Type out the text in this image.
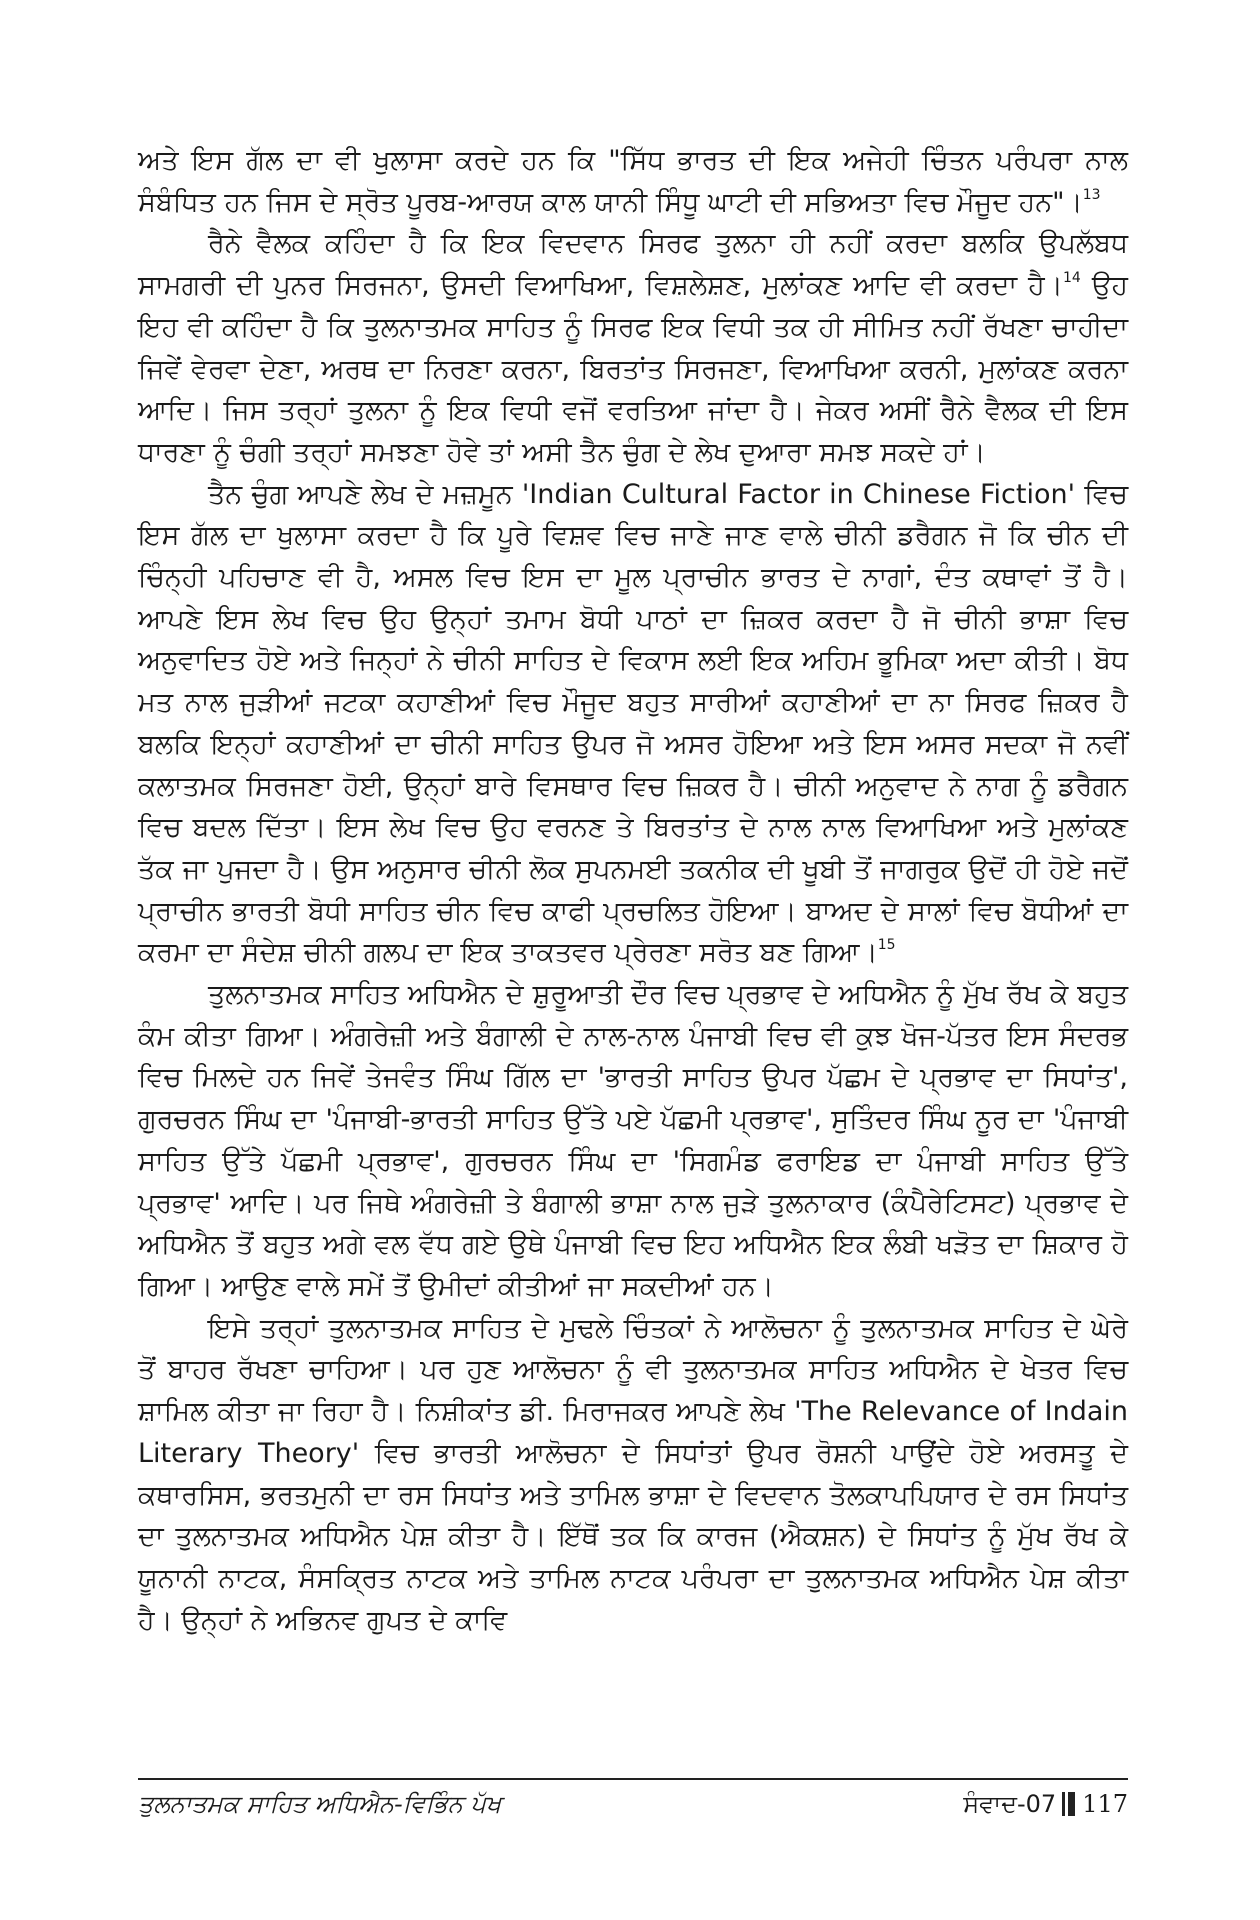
ਅਤੇ ਇਸ ਗੱਲ ਦਾ ਵੀ ਖੁਲਾਸਾ ਕਰਦੇ ਹਨ ਕਿ "ਸਿੱਧ ਭਾਰਤ ਦੀ ਇਕ ਅਜੇਹੀ ਚਿੰਤਨ ਪਰੰਪਰਾ ਨਾਲ ਸੰਬੰਧਿਤ ਹਨ ਜਿਸ ਦੇ ਸ੍ਰੋਤ ਪੂਰਬ-ਆਰਯ ਕਾਲ ਯਾਨੀ ਸਿੰਧੂ ਘਾਟੀ ਦੀ ਸਭਿਅਤਾ ਵਿਚ ਮੌਜੂਦ ਹਨ"।$^{13}$

ਰੈਨੇ ਵੈਲਕ ਕਹਿੰਦਾ ਹੈ ਕਿ ਇਕ ਵਿਦਵਾਨ ਸਿਰਫ ਤੁਲਨਾ ਹੀ ਨਹੀਂ ਕਰਦਾ ਬਲਕਿ ਉਪਲੱਬਧ ਸਾਮਗਰੀ ਦੀ ਪੁਨਰ ਸਿਰਜਨਾ, ਉਸਦੀ ਵਿਆਖਿਆ, ਵਿਸ਼ਲੇਸ਼ਣ, ਮੁਲਾਂਕਣ ਆਦਿ ਵੀ ਕਰਦਾ ਹੈ।$^{14}$ ਉਹ ਇਹ ਵੀ ਕਹਿੰਦਾ ਹੈ ਕਿ ਤੁਲਨਾਤਮਕ ਸਾਹਿਤ ਨੂੰ ਸਿਰਫ ਇਕ ਵਿਧੀ ਤਕ ਹੀ ਸੀਮਿਤ ਨਹੀਂ ਰੱਖਣਾ ਚਾਹੀਦਾ ਜਿਵੇਂ ਵੇਰਵਾ ਦੇਣਾ, ਅਰਥ ਦਾ ਨਿਰਣਾ ਕਰਨਾ, ਬਿਰਤਾਂਤ ਸਿਰਜਣਾ, ਵਿਆਖਿਆ ਕਰਨੀ, ਮੁਲਾਂਕਣ ਕਰਨਾ ਆਦਿ। ਜਿਸ ਤਰ੍ਹਾਂ ਤੁਲਨਾ ਨੂੰ ਇਕ ਵਿਧੀ ਵਜੋਂ ਵਰਤਿਆ ਜਾਂਦਾ ਹੈ। ਜੇਕਰ ਅਸੀਂ ਰੈਨੇ ਵੈਲਕ ਦੀ ਇਸ ਧਾਰਣਾ ਨੂੰ ਚੰਗੀ ਤਰ੍ਹਾਂ ਸਮਝਣਾ ਹੋਵੇ ਤਾਂ ਅਸੀ ਤੈਨ ਚੁੰਗ ਦੇ ਲੇਖ ਦੁਆਰਾ ਸਮਝ ਸਕਦੇ ਹਾਂ।

ਤੈਨ ਚੁੰਗ ਆਪਣੇ ਲੇਖ ਦੇ ਮਜ਼ਮੂਨ 'Indian Cultural Factor in Chinese Fiction' ਵਿਚ ਇਸ ਗੱਲ ਦਾ ਖੁਲਾਸਾ ਕਰਦਾ ਹੈ ਕਿ ਪੂਰੇ ਵਿਸ਼ਵ ਵਿਚ ਜਾਣੇ ਜਾਣ ਵਾਲੇ ਚੀਨੀ ਡਰੈਗਨ ਜੋ ਕਿ ਚੀਨ ਦੀ ਚਿੰਨ੍ਹੀ ਪਹਿਚਾਣ ਵੀ ਹੈ, ਅਸਲ ਵਿਚ ਇਸ ਦਾ ਮੂਲ ਪ੍ਰਾਚੀਨ ਭਾਰਤ ਦੇ ਨਾਗਾਂ, ਦੰਤ ਕਥਾਵਾਂ ਤੋਂ ਹੈ। ਆਪਣੇ ਇਸ ਲੇਖ ਵਿਚ ਉਹ ਉਨ੍ਹਾਂ ਤਮਾਮ ਬੋਧੀ ਪਾਠਾਂ ਦਾ ਜ਼ਿਕਰ ਕਰਦਾ ਹੈ ਜੋ ਚੀਨੀ ਭਾਸ਼ਾ ਵਿਚ ਅਨੁਵਾਦਿਤ ਹੋਏ ਅਤੇ ਜਿਨ੍ਹਾਂ ਨੇ ਚੀਨੀ ਸਾਹਿਤ ਦੇ ਵਿਕਾਸ ਲਈ ਇਕ ਅਹਿਮ ਭੂਮਿਕਾ ਅਦਾ ਕੀਤੀ। ਬੋਧ ਮਤ ਨਾਲ ਜੁੜੀਆਂ ਜਟਕਾ ਕਹਾਣੀਆਂ ਵਿਚ ਮੌਜੂਦ ਬਹੁਤ ਸਾਰੀਆਂ ਕਹਾਣੀਆਂ ਦਾ ਨਾ ਸਿਰਫ ਜ਼ਿਕਰ ਹੈ ਬਲਕਿ ਇਨ੍ਹਾਂ ਕਹਾਣੀਆਂ ਦਾ ਚੀਨੀ ਸਾਹਿਤ ਉਪਰ ਜੋ ਅਸਰ ਹੋਇਆ ਅਤੇ ਇਸ ਅਸਰ ਸਦਕਾ ਜੋ ਨਵੀਂ ਕਲਾਤਮਕ ਸਿਰਜਣਾ ਹੋਈ, ਉਨ੍ਹਾਂ ਬਾਰੇ ਵਿਸਥਾਰ ਵਿਚ ਜ਼ਿਕਰ ਹੈ। ਚੀਨੀ ਅਨੁਵਾਦ ਨੇ ਨਾਗ ਨੂੰ ਡਰੈਗਨ ਵਿਚ ਬਦਲ ਦਿੱਤਾ। ਇਸ ਲੇਖ ਵਿਚ ਉਹ ਵਰਨਣ ਤੇ ਬਿਰਤਾਂਤ ਦੇ ਨਾਲ ਨਾਲ ਵਿਆਖਿਆ ਅਤੇ ਮੁਲਾਂਕਣ ਤੱਕ ਜਾ ਪੁਜਦਾ ਹੈ। ਉਸ ਅਨੁਸਾਰ ਚੀਨੀ ਲੋਕ ਸੁਪਨਮਈ ਤਕਨੀਕ ਦੀ ਖੂਬੀ ਤੋਂ ਜਾਗਰੁਕ ਉਦੋਂ ਹੀ ਹੋਏ ਜਦੋਂ ਪ੍ਰਾਚੀਨ ਭਾਰਤੀ ਬੋਧੀ ਸਾਹਿਤ ਚੀਨ ਵਿਚ ਕਾਫੀ ਪ੍ਰਚਲਿਤ ਹੋਇਆ। ਬਾਅਦ ਦੇ ਸਾਲਾਂ ਵਿਚ ਬੋਧੀਆਂ ਦਾ ਕਰਮਾ ਦਾ ਸੰਦੇਸ਼ ਚੀਨੀ ਗਲਪ ਦਾ ਇਕ ਤਾਕਤਵਰ ਪ੍ਰੇਰਣਾ ਸਰੋਤ ਬਣ ਗਿਆ।$^{15}$

ਤੁਲਨਾਤਮਕ ਸਾਹਿਤ ਅਧਿਐਨ ਦੇ ਸ਼ੁਰੂਆਤੀ ਦੌਰ ਵਿਚ ਪ੍ਰਭਾਵ ਦੇ ਅਧਿਐਨ ਨੂੰ ਮੁੱਖ ਰੱਖ ਕੇ ਬਹੁਤ ਕੰਮ ਕੀਤਾ ਗਿਆ। ਅੰਗਰੇਜ਼ੀ ਅਤੇ ਬੰਗਾਲੀ ਦੇ ਨਾਲ-ਨਾਲ ਪੰਜਾਬੀ ਵਿਚ ਵੀ ਕੁਝ ਖੋਜ-ਪੱਤਰ ਇਸ ਸੰਦਰਭ ਵਿਚ ਮਿਲਦੇ ਹਨ ਜਿਵੇਂ ਤੇਜਵੰਤ ਸਿੰਘ ਗਿੱਲ ਦਾ 'ਭਾਰਤੀ ਸਾਹਿਤ ਉਪਰ ਪੱਛਮ ਦੇ ਪ੍ਰਭਾਵ ਦਾ ਸਿਧਾਂਤ', ਗੁਰਚਰਨ ਸਿੰਘ ਦਾ 'ਪੰਜਾਬੀ-ਭਾਰਤੀ ਸਾਹਿਤ ਉੱਤੇ ਪਏ ਪੱਛਮੀ ਪ੍ਰਭਾਵ', ਸੁਤਿੰਦਰ ਸਿੰਘ ਨੂਰ ਦਾ 'ਪੰਜਾਬੀ ਸਾਹਿਤ ਉੱਤੇ ਪੱਛਮੀ ਪ੍ਰਭਾਵ', ਗੁਰਚਰਨ ਸਿੰਘ ਦਾ 'ਸਿਗਮੰਡ ਫਰਾਇਡ ਦਾ ਪੰਜਾਬੀ ਸਾਹਿਤ ਉੱਤੇ ਪ੍ਰਭਾਵ' ਆਦਿ। ਪਰ ਜਿਥੇ ਅੰਗਰੇਜ਼ੀ ਤੇ ਬੰਗਾਲੀ ਭਾਸ਼ਾ ਨਾਲ ਜੁੜੇ ਤੁਲਨਾਕਾਰ (ਕੰਪੈਰੇਟਿਸਟ) ਪ੍ਰਭਾਵ ਦੇ ਅਧਿਐਨ ਤੋਂ ਬਹੁਤ ਅਗੇ ਵਲ ਵੱਧ ਗਏ ਉਥੇ ਪੰਜਾਬੀ ਵਿਚ ਇਹ ਅਧਿਐਨ ਇਕ ਲੰਬੀ ਖੜੋਤ ਦਾ ਸ਼ਿਕਾਰ ਹੋ ਗਿਆ। ਆਉਣ ਵਾਲੇ ਸਮੇਂ ਤੋਂ ਉਮੀਦਾਂ ਕੀਤੀਆਂ ਜਾ ਸਕਦੀਆਂ ਹਨ।

ਇਸੇ ਤਰ੍ਹਾਂ ਤੁਲਨਾਤਮਕ ਸਾਹਿਤ ਦੇ ਮੁਢਲੇ ਚਿੰਤਕਾਂ ਨੇ ਆਲੋਚਨਾ ਨੂੰ ਤੁਲਨਾਤਮਕ ਸਾਹਿਤ ਦੇ ਘੇਰੇ ਤੋਂ ਬਾਹਰ ਰੱਖਣਾ ਚਾਹਿਆ। ਪਰ ਹੁਣ ਆਲੋਚਨਾ ਨੂੰ ਵੀ ਤੁਲਨਾਤਮਕ ਸਾਹਿਤ ਅਧਿਐਨ ਦੇ ਖੇਤਰ ਵਿਚ ਸ਼ਾਮਿਲ ਕੀਤਾ ਜਾ ਰਿਹਾ ਹੈ। ਨਿਸ਼ੀਕਾਂਤ ਡੀ. ਮਿਰਾਜਕਰ ਆਪਣੇ ਲੇਖ 'The Relevance of Indain Literary Theory' ਵਿਚ ਭਾਰਤੀ ਆਲੋਚਨਾ ਦੇ ਸਿਧਾਂਤਾਂ ਉਪਰ ਰੋਸ਼ਨੀ ਪਾਉਂਦੇ ਹੋਏ ਅਰਸਤੂ ਦੇ ਕਥਾਰਸਿਸ, ਭਰਤਮੁਨੀ ਦਾ ਰਸ ਸਿਧਾਂਤ ਅਤੇ ਤਾਮਿਲ ਭਾਸ਼ਾ ਦੇ ਵਿਦਵਾਨ ਤੋਲਕਾਪਪਿਯਾਰ ਦੇ ਰਸ ਸਿਧਾਂਤ ਦਾ ਤੁਲਨਾਤਮਕ ਅਧਿਐਨ ਪੇਸ਼ ਕੀਤਾ ਹੈ। ਇੱਥੋਂ ਤਕ ਕਿ ਕਾਰਜ (ਐਕਸ਼ਨ) ਦੇ ਸਿਧਾਂਤ ਨੂੰ ਮੁੱਖ ਰੱਖ ਕੇ ਯੂਨਾਨੀ ਨਾਟਕ, ਸੰਸਕ੍ਰਿਤ ਨਾਟਕ ਅਤੇ ਤਾਮਿਲ ਨਾਟਕ ਪਰੰਪਰਾ ਦਾ ਤੁਲਨਾਤਮਕ ਅਧਿਐਨ ਪੇਸ਼ ਕੀਤਾ ਹੈ। ਉਨ੍ਹਾਂ ਨੇ ਅਭਿਨਵ ਗੁਪਤ ਦੇ ਕਾਵਿ

ਤੁਲਨਾਤਮਕ ਸਾਹਿਤ ਅਧਿਐਨ-ਵਿਭਿੰਨ ਪੱਖ	ਸੰਵਾਦ-07 117
